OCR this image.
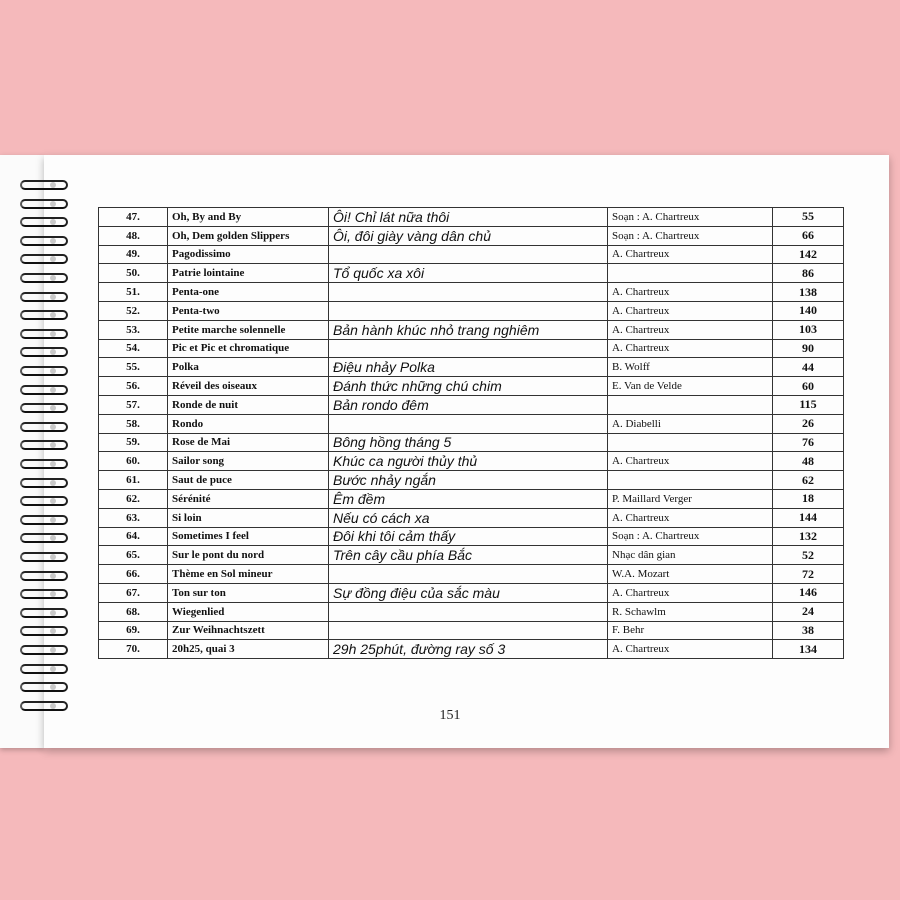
47.	Oh, By and By	Ôi! Chỉ lát nữa thôi	Soạn : A. Chartreux	55
48.	Oh, Dem golden Slippers	Ôi, đôi giày vàng dân chủ	Soạn : A. Chartreux	66
49.	Pagodissimo		A. Chartreux	142
50.	Patrie lointaine	Tổ quốc xa xôi		86
51.	Penta-one		A. Chartreux	138
52.	Penta-two		A. Chartreux	140
53.	Petite marche solennelle	Bản hành khúc nhỏ trang nghiêm	A. Chartreux	103
54.	Pic et Pic et chromatique		A. Chartreux	90
55.	Polka	Điệu nhảy Polka	B. Wolff	44
56.	Réveil des oiseaux	Đánh thức những chú chim	E. Van de Velde	60
57.	Ronde de nuit	Bản rondo đêm		115
58.	Rondo		A. Diabelli	26
59.	Rose de Mai	Bông hồng tháng 5		76
60.	Sailor song	Khúc ca người thủy thủ	A. Chartreux	48
61.	Saut de puce	Bước nhảy ngắn		62
62.	Sérénité	Êm đềm	P. Maillard Verger	18
63.	Si loin	Nếu có cách xa	A. Chartreux	144
64.	Sometimes I feel	Đôi khi tôi cảm thấy	Soạn : A. Chartreux	132
65.	Sur le pont du nord	Trên cây cầu phía Bắc	Nhạc dân gian	52
66.	Thème en Sol mineur		W.A. Mozart	72
67.	Ton sur ton	Sự đồng điệu của sắc màu	A. Chartreux	146
68.	Wiegenlied		R. Schawlm	24
69.	Zur Weihnachtszett		F. Behr	38
70.	20h25, quai 3	29h 25phút, đường ray số 3	A. Chartreux	134
151
